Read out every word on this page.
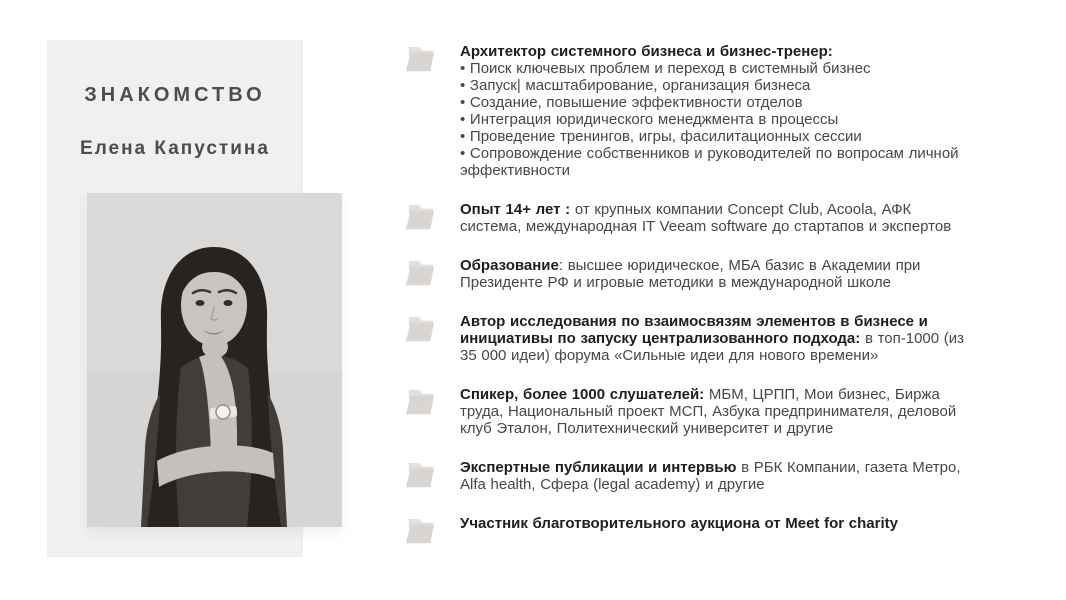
ЗНАКОМСТВО
Елена Капустина
Архитектор системного бизнеса и бизнес-тренер:
• Поиск ключевых проблем и переход в системный бизнес
• Запуск| масштабирование, организация бизнеса
• Создание, повышение эффективности отделов
• Интеграция юридического менеджмента в процессы
• Проведение тренингов, игры, фасилитационных сессии
• Сопровождение собственников и руководителей по вопросам личной эффективности
Опыт 14+ лет : от крупных компании Concept Club, Acoola, АФК система, международная IT Veeam software до стартапов и экспертов
Образование: высшее юридическое, МБА базис в Академии при Президенте РФ и игровые методики в международной школе
Автор исследования по взаимосвязям элементов в бизнесе и инициативы по запуску централизованного подхода: в топ-1000 (из 35 000 идеи) форума «Сильные идеи для нового времени»
Спикер, более 1000 слушателей: МБМ, ЦРПП, Мои бизнес, Биржа труда, Национальный проект МСП, Азбука предпринимателя, деловой клуб Эталон, Политехнический университет и другие
Экспертные публикации и интервью в РБК Компании, газета Метро, Alfa health, Сфера (legal academy) и другие
Участник благотворительного аукциона от Meet for charity
